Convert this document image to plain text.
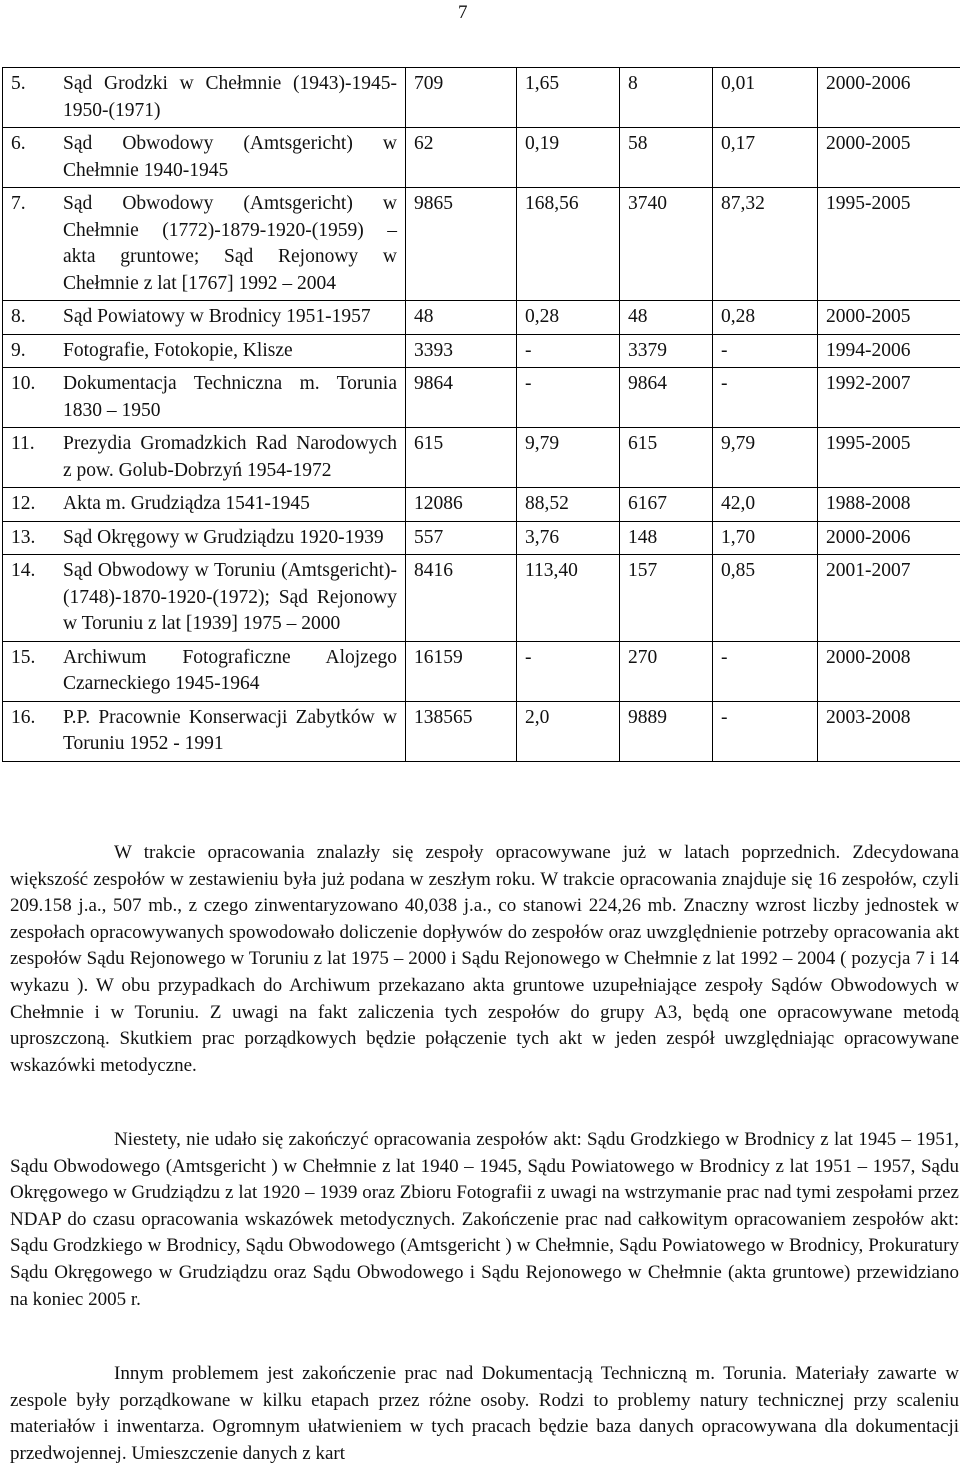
7
5. Sąd Grodzki w Chełmnie (1943)-1945-1950-(1971)	709	1,65	8	0,01	2000-2006

6. Sąd Obwodowy (Amtsgericht) w Chełmnie 1940-1945	62	0,19	58	0,17	2000-2005

7. Sąd Obwodowy (Amtsgericht) w Chełmnie (1772)-1879-1920-(1959) – akta gruntowe; Sąd Rejonowy w Chełmnie z lat [1767] 1992 – 2004	9865	168,56	3740	87,32	1995-2005

8. Sąd Powiatowy w Brodnicy 1951-1957	48	0,28	48	0,28	2000-2005

9. Fotografie, Fotokopie, Klisze	3393	-	3379	-	1994-2006

10. Dokumentacja Techniczna m. Torunia 1830 – 1950	9864	-	9864	-	1992-2007

11. Prezydia Gromadzkich Rad Narodowych z pow. Golub-Dobrzyń 1954-1972	615	9,79	615	9,79	1995-2005

12. Akta m. Grudziądza 1541-1945	12086	88,52	6167	42,0	1988-2008

13. Sąd Okręgowy w Grudziądzu 1920-1939	557	3,76	148	1,70	2000-2006

14. Sąd Obwodowy w Toruniu (Amtsgericht)-(1748)-1870-1920-(1972); Sąd Rejonowy w Toruniu z lat [1939] 1975 – 2000	8416	113,40	157	0,85	2001-2007

15. Archiwum Fotograficzne Alojzego Czarneckiego 1945-1964	16159	-	270	-	2000-2008

16. P.P. Pracownie Konserwacji Zabytków w Toruniu 1952 - 1991	138565	2,0	9889	-	2003-2008

W trakcie opracowania znalazły się zespoły opracowywane już w latach poprzednich. Zdecydowana większość zespołów w zestawieniu była już podana w zeszłym roku. W trakcie opracowania znajduje się 16 zespołów, czyli 209.158 j.a., 507 mb., z czego zinwentaryzowano 40,038 j.a., co stanowi 224,26 mb. Znaczny wzrost liczby jednostek w zespołach opracowywanych spowodowało doliczenie dopływów do zespołów oraz uwzględnienie potrzeby opracowania akt zespołów Sądu Rejonowego w Toruniu z lat 1975 – 2000 i Sądu Rejonowego w Chełmnie z lat 1992 – 2004 ( pozycja 7 i 14 wykazu ). W obu przypadkach do Archiwum przekazano akta gruntowe uzupełniające zespoły Sądów Obwodowych w Chełmnie i w Toruniu. Z uwagi na fakt zaliczenia tych zespołów do grupy A3, będą one opracowywane metodą uproszczoną. Skutkiem prac porządkowych będzie połączenie tych akt w jeden zespół uwzględniając opracowywane wskazówki metodyczne.

Niestety, nie udało się zakończyć opracowania zespołów akt: Sądu Grodzkiego w Brodnicy z lat 1945 – 1951, Sądu Obwodowego (Amtsgericht ) w Chełmnie z lat 1940 – 1945, Sądu Powiatowego w Brodnicy z lat 1951 – 1957, Sądu Okręgowego w Grudziądzu z lat 1920 – 1939 oraz Zbioru Fotografii z uwagi na wstrzymanie prac nad tymi zespołami przez NDAP do czasu opracowania wskazówek metodycznych. Zakończenie prac nad całkowitym opracowaniem zespołów akt: Sądu Grodzkiego w Brodnicy, Sądu Obwodowego (Amtsgericht ) w Chełmnie, Sądu Powiatowego w Brodnicy, Prokuratury Sądu Okręgowego w Grudziądzu oraz Sądu Obwodowego i Sądu Rejonowego w Chełmnie (akta gruntowe) przewidziano na koniec 2005 r.

Innym problemem jest zakończenie prac nad Dokumentacją Techniczną m. Torunia. Materiały zawarte w zespole były porządkowane w kilku etapach przez różne osoby. Rodzi to problemy natury technicznej przy scaleniu materiałów i inwentarza. Ogromnym ułatwieniem w tych pracach będzie baza danych opracowywana dla dokumentacji przedwojennej. Umieszczenie danych z kart
